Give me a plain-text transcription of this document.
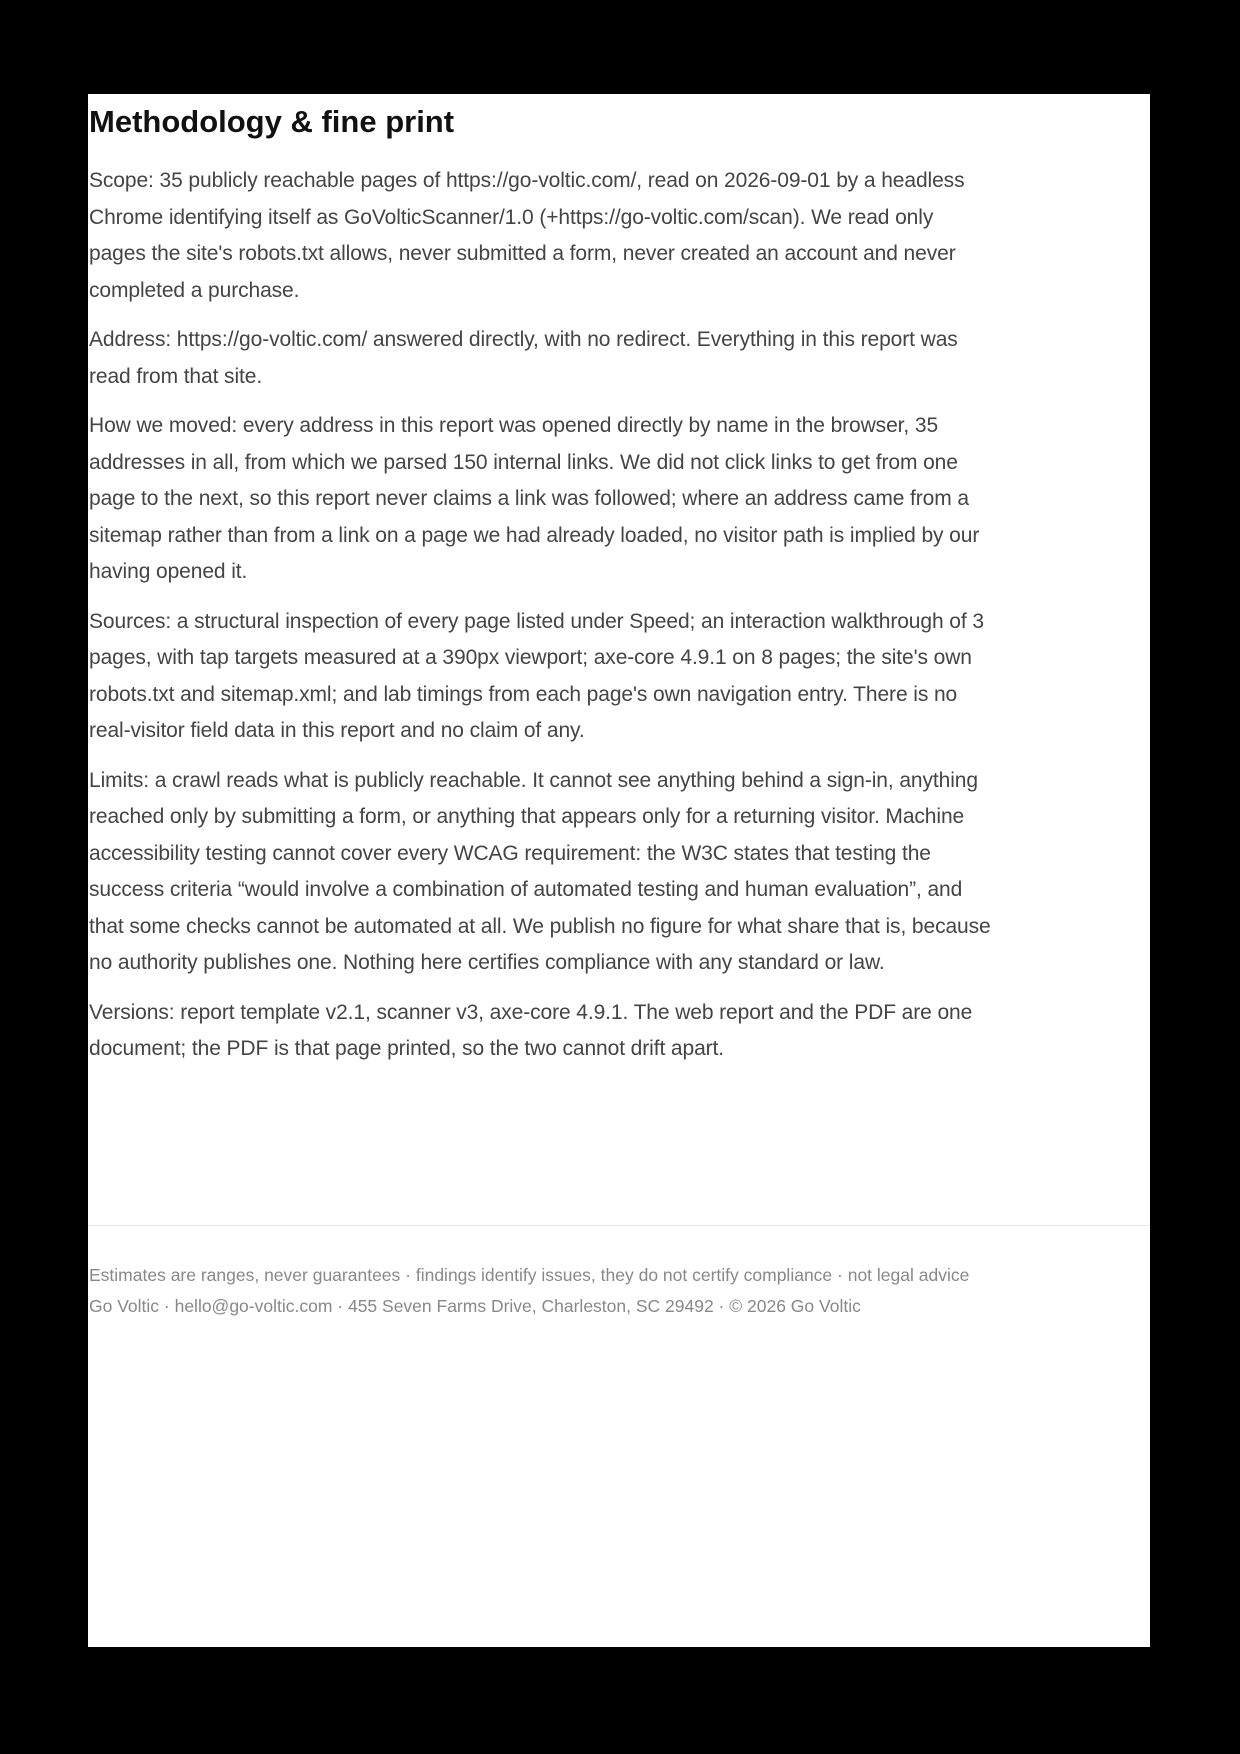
Methodology & fine print

Scope: 35 publicly reachable pages of https://go-voltic.com/, read on 2026-09-01 by a headless Chrome identifying itself as GoVolticScanner/1.0 (+https://go-voltic.com/scan). We read only pages the site's robots.txt allows, never submitted a form, never created an account and never completed a purchase.

Address: https://go-voltic.com/ answered directly, with no redirect. Everything in this report was read from that site.

How we moved: every address in this report was opened directly by name in the browser, 35 addresses in all, from which we parsed 150 internal links. We did not click links to get from one page to the next, so this report never claims a link was followed; where an address came from a sitemap rather than from a link on a page we had already loaded, no visitor path is implied by our having opened it.

Sources: a structural inspection of every page listed under Speed; an interaction walkthrough of 3 pages, with tap targets measured at a 390px viewport; axe-core 4.9.1 on 8 pages; the site's own robots.txt and sitemap.xml; and lab timings from each page's own navigation entry. There is no real-visitor field data in this report and no claim of any.

Limits: a crawl reads what is publicly reachable. It cannot see anything behind a sign-in, anything reached only by submitting a form, or anything that appears only for a returning visitor. Machine accessibility testing cannot cover every WCAG requirement: the W3C states that testing the success criteria “would involve a combination of automated testing and human evaluation”, and that some checks cannot be automated at all. We publish no figure for what share that is, because no authority publishes one. Nothing here certifies compliance with any standard or law.

Versions: report template v2.1, scanner v3, axe-core 4.9.1. The web report and the PDF are one document; the PDF is that page printed, so the two cannot drift apart.

Estimates are ranges, never guarantees · findings identify issues, they do not certify compliance · not legal advice
Go Voltic · hello@go-voltic.com · 455 Seven Farms Drive, Charleston, SC 29492 · © 2026 Go Voltic
